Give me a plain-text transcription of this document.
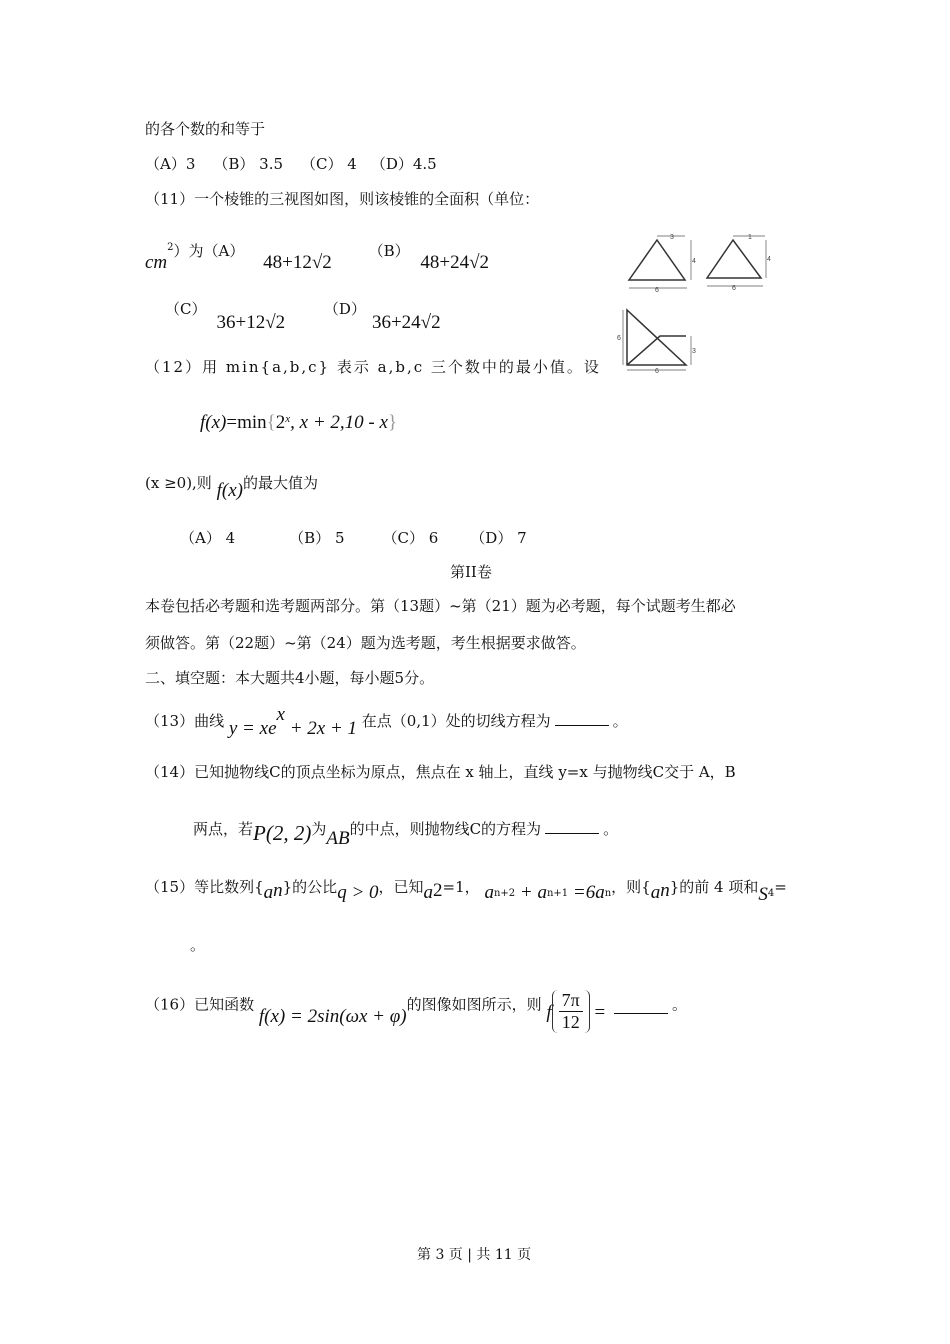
的各个数的和等于
（A）3 （B） 3.5 （C） 4 （D）4.5
（11）一个棱锥的三视图如图，则该棱锥的全面积（单位：
$cm^2$）为（A） 48+12√2 （B） 48+24√2
（C）36+12√2 （D）36+24√2
3
4
6
1
4
6
6
3
6
（12）用 min{a,b,c} 表示 a,b,c 三个数中的最小值。设
$f(x)=\min\{2^x$, x + 2,10 - x}
(x ≥0),则 f(x)的最大值为
（A） 4	（B） 5	（C） 6 （D） 7
第II卷
本卷包括必考题和选考题两部分。第（13题）~第（21）题为必考题，每个试题考生都必
须做答。第（22题）~第（24）题为选考题，考生根据要求做答。
二、填空题：本大题共4小题，每小题5分。
（13）曲线 $y = xe^x + 2x + 1$ 在点（0,1）处的切线方程为	。
（14）已知抛物线C的顶点坐标为原点，焦点在 x 轴上，直线 y=x 与抛物线C交于 A，B
两点，若P(2, 2)为AB的中点，则抛物线C的方程为	。
（15）等比数列$\{a_n\}$的公比q > 0，已知$a_2=1$， $a_{n+2} + a_{n+1} =6a_n$，则$\{a_n\}$的前 4 项和$S_4=$
。
（16）已知函数 f(x) = 2sin(ωx + φ)的图像如图所示，则 f $\frac{7\pi}{12}$ =	。
第 3 页 | 共 11 页
